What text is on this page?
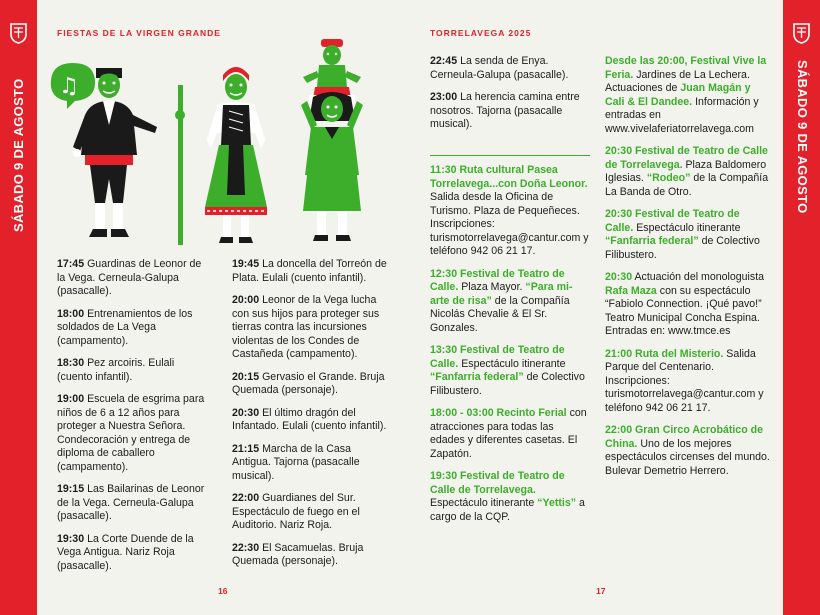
SÁBADO 9 DE AGOSTO	SÁBADO 9 DE AGOSTO
FIESTAS DE LA VIRGEN GRANDE	TORRELAVEGA 2025
♫

17:45 Guardinas de Leonor de la Vega. Cerneula-Galupa (pasacalle).

18:00 Entrenamientos de los soldados de La Vega (campamento).

18:30 Pez arcoiris. Eulali (cuento infantil).

19:00 Escuela de esgrima para niños de 6 a 12 años para proteger a Nuestra Señora. Condecoración y entrega de diploma de caballero (campamento).

19:15 Las Bailarinas de Leonor de la Vega. Cerneula-Galupa (pasacalle).

19:30 La Corte Duende de la Vega Antigua. Nariz Roja (pasacalle).

19:45 La doncella del Torreón de Plata. Eulali (cuento infantil).

20:00 Leonor de la Vega lucha con sus hijos para proteger sus tierras contra las incursiones violentas de los Condes de Castañeda (campamento).

20:15 Gervasio el Grande. Bruja Quemada (personaje).

20:30 El último dragón del Infantado. Eulali (cuento infantil).

21:15 Marcha de la Casa Antigua. Tajorna (pasacalle musical).

22:00 Guardianes del Sur. Espectáculo de fuego en el Auditorio. Nariz Roja.

22:30 El Sacamuelas. Bruja Quemada (personaje).

22:45 La senda de Enya. Cerneula-Galupa (pasacalle).

23:00 La herencia camina entre nosotros. Tajorna (pasacalle musical).

11:30 Ruta cultural Pasea Torrelavega...con Doña Leonor. Salida desde la Oficina de Turismo. Plaza de Pequeñeces. Inscripciones: turismotorrelavega@cantur.com y teléfono 942 06 21 17.

12:30 Festival de Teatro de Calle. Plaza Mayor. “Para mi-arte de risa” de la Compañía Nicolás Chevalie & El Sr. Gonzales.

13:30 Festival de Teatro de Calle. Espectáculo itinerante “Fanfarria federal” de Colectivo Filibustero.

18:00 - 03:00 Recinto Ferial con atracciones para todas las edades y diferentes casetas. El Zapatón.

19:30 Festival de Teatro de Calle de Torrelavega. Espectáculo itinerante “Yettis” a cargo de la CQP.

Desde las 20:00, Festival Vive la Feria. Jardines de La Lechera. Actuaciones de Juan Magán y Cali & El Dandee. Información y entradas en www.vivelaferiatorrelavega.com

20:30 Festival de Teatro de Calle de Torrelavega. Plaza Baldomero Iglesias. “Rodeo” de la Compañía La Banda de Otro.

20:30 Festival de Teatro de Calle. Espectáculo itinerante “Fanfarria federal” de Colectivo Filibustero.

20:30 Actuación del monologuista Rafa Maza con su espectáculo “Fabiolo Connection. ¡Qué pavo!” Teatro Municipal Concha Espina. Entradas en: www.tmce.es

21:00 Ruta del Misterio. Salida Parque del Centenario. Inscripciones: turismotorrelavega@cantur.com y teléfono 942 06 21 17.

22:00 Gran Circo Acrobático de China. Uno de los mejores espectáculos circenses del mundo. Bulevar Demetrio Herrero.

16	17
